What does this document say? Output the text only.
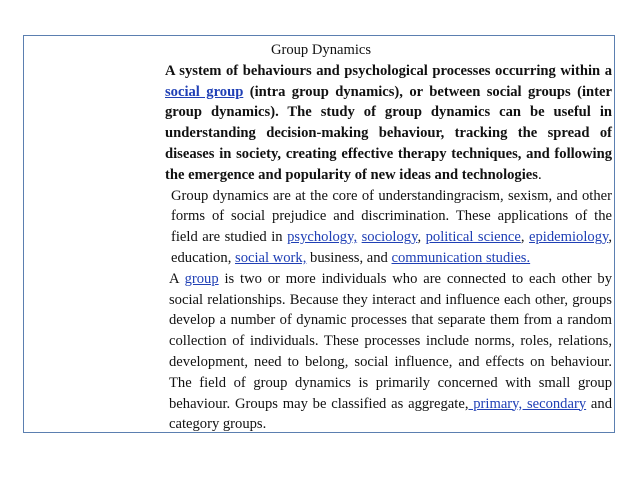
Group Dynamics

A system of behaviours and psychological processes occurring within a social group (intra group dynamics), or between social groups (inter group dynamics). The study of group dynamics can be useful in understanding decision-making behaviour, tracking the spread of diseases in society, creating effective therapy techniques, and following the emergence and popularity of new ideas and technologies.

Group dynamics are at the core of understandingracism, sexism, and other forms of social prejudice and discrimination. These applications of the field are studied in psychology, sociology, political science, epidemiology, education, social work, business, and communication studies.

A group is two or more individuals who are connected to each other by social relationships. Because they interact and influence each other, groups develop a number of dynamic processes that separate them from a random collection of individuals. These processes include norms, roles, relations, development, need to belong, social influence, and effects on behaviour. The field of group dynamics is primarily concerned with small group behaviour. Groups may be classified as aggregate, primary, secondary and category groups.
